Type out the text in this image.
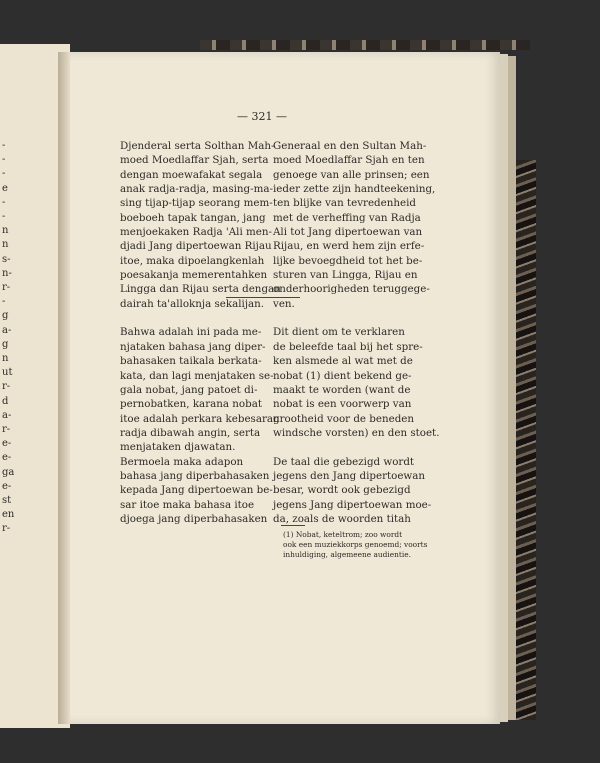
-
-
-
e
-
-
n
n
s-
n-
r-
-
g
a-
g
n
ut
r-
d
a-
r-
e-
e-
ga
e-
st
en
r-
— 321 —
Djenderal serta Solthan Mah-
moed Moedlaffar Sjah, serta
dengan moewafakat segala
anak radja-radja, masing-ma-
sing tijap-tijap seorang mem-
boeboeh tapak tangan, jang
menjoekaken Radja 'Ali men-
djadi Jang dipertoewan Rijau
itoe, maka dipoelangkenlah
poesakanja memerentahken
Lingga dan Rijau serta dengan
dairah ta'alloknja sekalijan.

Bahwa adalah ini pada me-
njataken bahasa jang diper-
bahasaken taikala berkata-
kata, dan lagi menjataken se-
gala nobat, jang patoet di-
pernobatken, karana nobat
itoe adalah perkara kebesaran
radja dibawah angin, serta
menjataken djawatan.
Bermoela maka adapon
bahasa jang diperbahasaken
kepada Jang dipertoewan be-
sar itoe maka bahasa itoe
djoega jang diperbahasaken
Generaal en den Sultan Mah-
moed Moedlaffar Sjah en ten
genoege van alle prinsen; een
ieder zette zijn handteekening,
ten blijke van tevredenheid
met de verheffing van Radja
Ali tot Jang dipertoewan van
Rijau, en werd hem zijn erfe-
lijke bevoegdheid tot het be-
sturen van Lingga, Rijau en
onderhoorigheden teruggege-
ven.

Dit dient om te verklaren
de beleefde taal bij het spre-
ken alsmede al wat met de
nobat (1) dient bekend ge-
maakt te worden (want de
nobat is een voorwerp van
grootheid voor de beneden
windsche vorsten) en den stoet.

De taal die gebezigd wordt
jegens den Jang dipertoewan
besar, wordt ook gebezigd
jegens Jang dipertoewan moe-
da, zoals de woorden titah
(1) Nobat, keteltrom; zoo wordt
ook een muziekkorps genoemd; voorts
inhuldiging, algemeene audientie.
